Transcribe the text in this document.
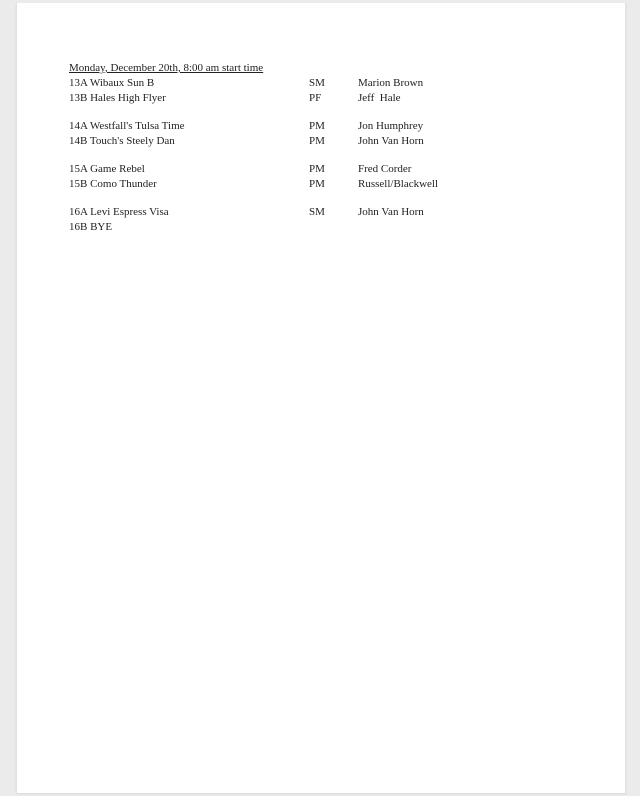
Monday, December 20th, 8:00 am start time
13A Wibaux Sun B	SM	Marion Brown
13B Hales High Flyer	PF	Jeff  Hale
14A Westfall's Tulsa Time	PM	Jon Humphrey
14B Touch's Steely Dan	PM	John Van Horn
15A Game Rebel	PM	Fred Corder
15B Como Thunder	PM	Russell/Blackwell
16A Levi Espress Visa	SM	John Van Horn
16B BYE
